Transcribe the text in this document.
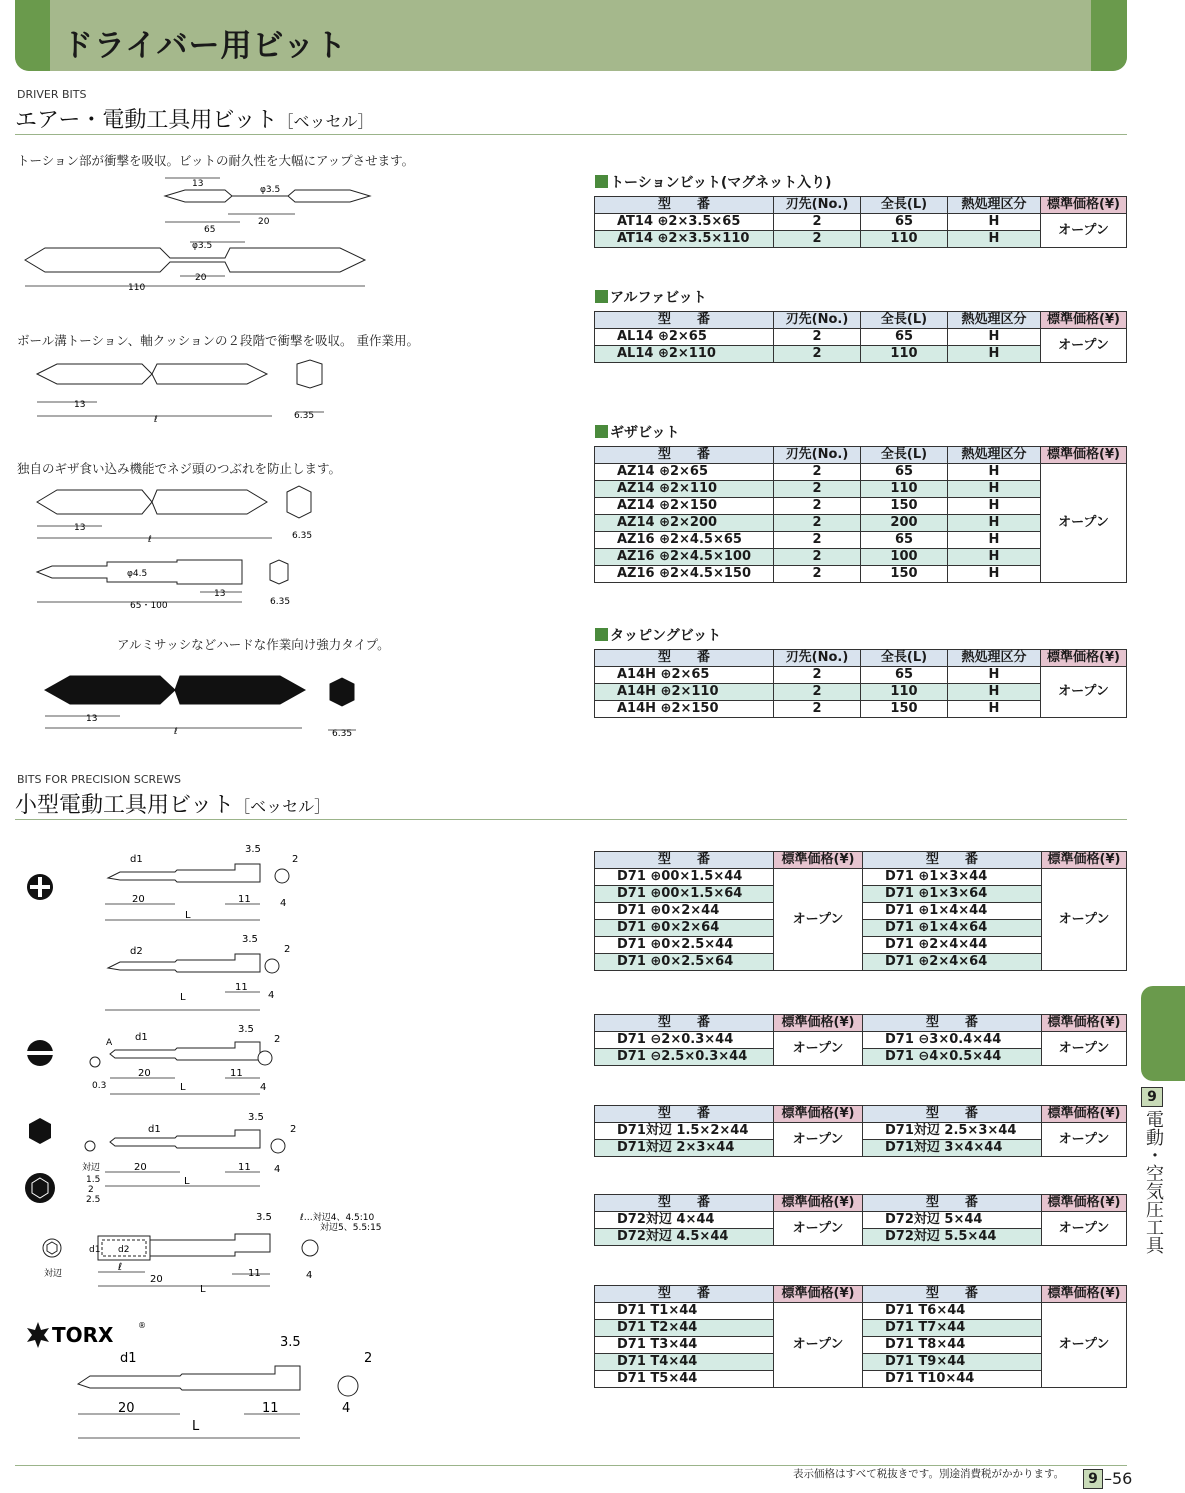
ドライバー用ビット
DRIVER BITS
エアー・電動工具用ビット［ベッセル］
トーション部が衝撃を吸収。ビットの耐久性を大幅にアップさせます。
ボール溝トーション、軸クッションの２段階で衝撃を吸収。 重作業用。
独自のギザ食い込み機能でネジ頭のつぶれを防止します。
アルミサッシなどハードな作業向け強力タイプ。
13
φ3.5
20
65
φ3.5
20
110
13
ℓ	6.35
13
ℓ	6.35
φ4.5
13
65・100	6.35
13
ℓ	6.35
トーションビット(マグネット入り)
型　　番	刃先(No.)	全長(L)	熱処理区分	標準価格(¥)
AT14 ⊕2×3.5×65	2	65	H	オープン
AT14 ⊕2×3.5×110	2	110	H	
アルファビット
型　　番	刃先(No.)	全長(L)	熱処理区分	標準価格(¥)
AL14 ⊕2×65	2	65	H	オープン
AL14 ⊕2×110	2	110	H	
ギザビット
型　　番	刃先(No.)	全長(L)	熱処理区分	標準価格(¥)
AZ14 ⊕2×65	2	65	H	オープン
AZ14 ⊕2×110	2	110	H	
AZ14 ⊕2×150	2	150	H	
AZ14 ⊕2×200	2	200	H	
AZ16 ⊕2×4.5×65	2	65	H	
AZ16 ⊕2×4.5×100	2	100	H	
AZ16 ⊕2×4.5×150	2	150	H	
タッピングビット
型　　番	刃先(No.)	全長(L)	熱処理区分	標準価格(¥)
A14H ⊕2×65	2	65	H	オープン
A14H ⊕2×110	2	110	H	
A14H ⊕2×150	2	150	H	
BITS FOR PRECISION SCREWS
小型電動工具用ビット［ベッセル］
d1
3.5
2
20	11
L
4
d2
3.5
2
11
L	4
A d1
3.5
2
0.3
20	11
L	4
d1
3.5
2
対辺
1.5
2
2.5
20	11
L
4
d2
d1
対辺
3.5	ℓ…対辺4、4.5:10
対辺5、5.5:15
ℓ
20
11
L
4
TORX	®
d1
3.5
2
20	11
L
4
型　　番	標準価格(¥)	型　　番	標準価格(¥)
D71 ⊕00×1.5×44	オープン	D71 ⊕1×3×44	オープン
D71 ⊕00×1.5×64		D71 ⊕1×3×64	
D71 ⊕0×2×44		D71 ⊕1×4×44	
D71 ⊕0×2×64		D71 ⊕1×4×64	
D71 ⊕0×2.5×44		D71 ⊕2×4×44	
D71 ⊕0×2.5×64		D71 ⊕2×4×64	
型　　番	標準価格(¥)	型　　番	標準価格(¥)
D71 ⊖2×0.3×44	オープン	D71 ⊖3×0.4×44	オープン
D71 ⊖2.5×0.3×44		D71 ⊖4×0.5×44	
型　　番	標準価格(¥)	型　　番	標準価格(¥)
D71対辺 1.5×2×44	オープン	D71対辺 2.5×3×44	オープン
D71対辺 2×3×44		D71対辺 3×4×44	
型　　番	標準価格(¥)	型　　番	標準価格(¥)
D72対辺 4×44	オープン	D72対辺 5×44	オープン
D72対辺 4.5×44		D72対辺 5.5×44	
型　　番	標準価格(¥)	型　　番	標準価格(¥)
D71 T1×44	オープン	D71 T6×44	オープン
D71 T2×44		D71 T7×44	
D71 T3×44		D71 T8×44	
D71 T4×44		D71 T9×44	
D71 T5×44		D71 T10×44	
9
電動・空気圧工具
表示価格はすべて税抜きです。別途消費税がかかります。	9 –56
